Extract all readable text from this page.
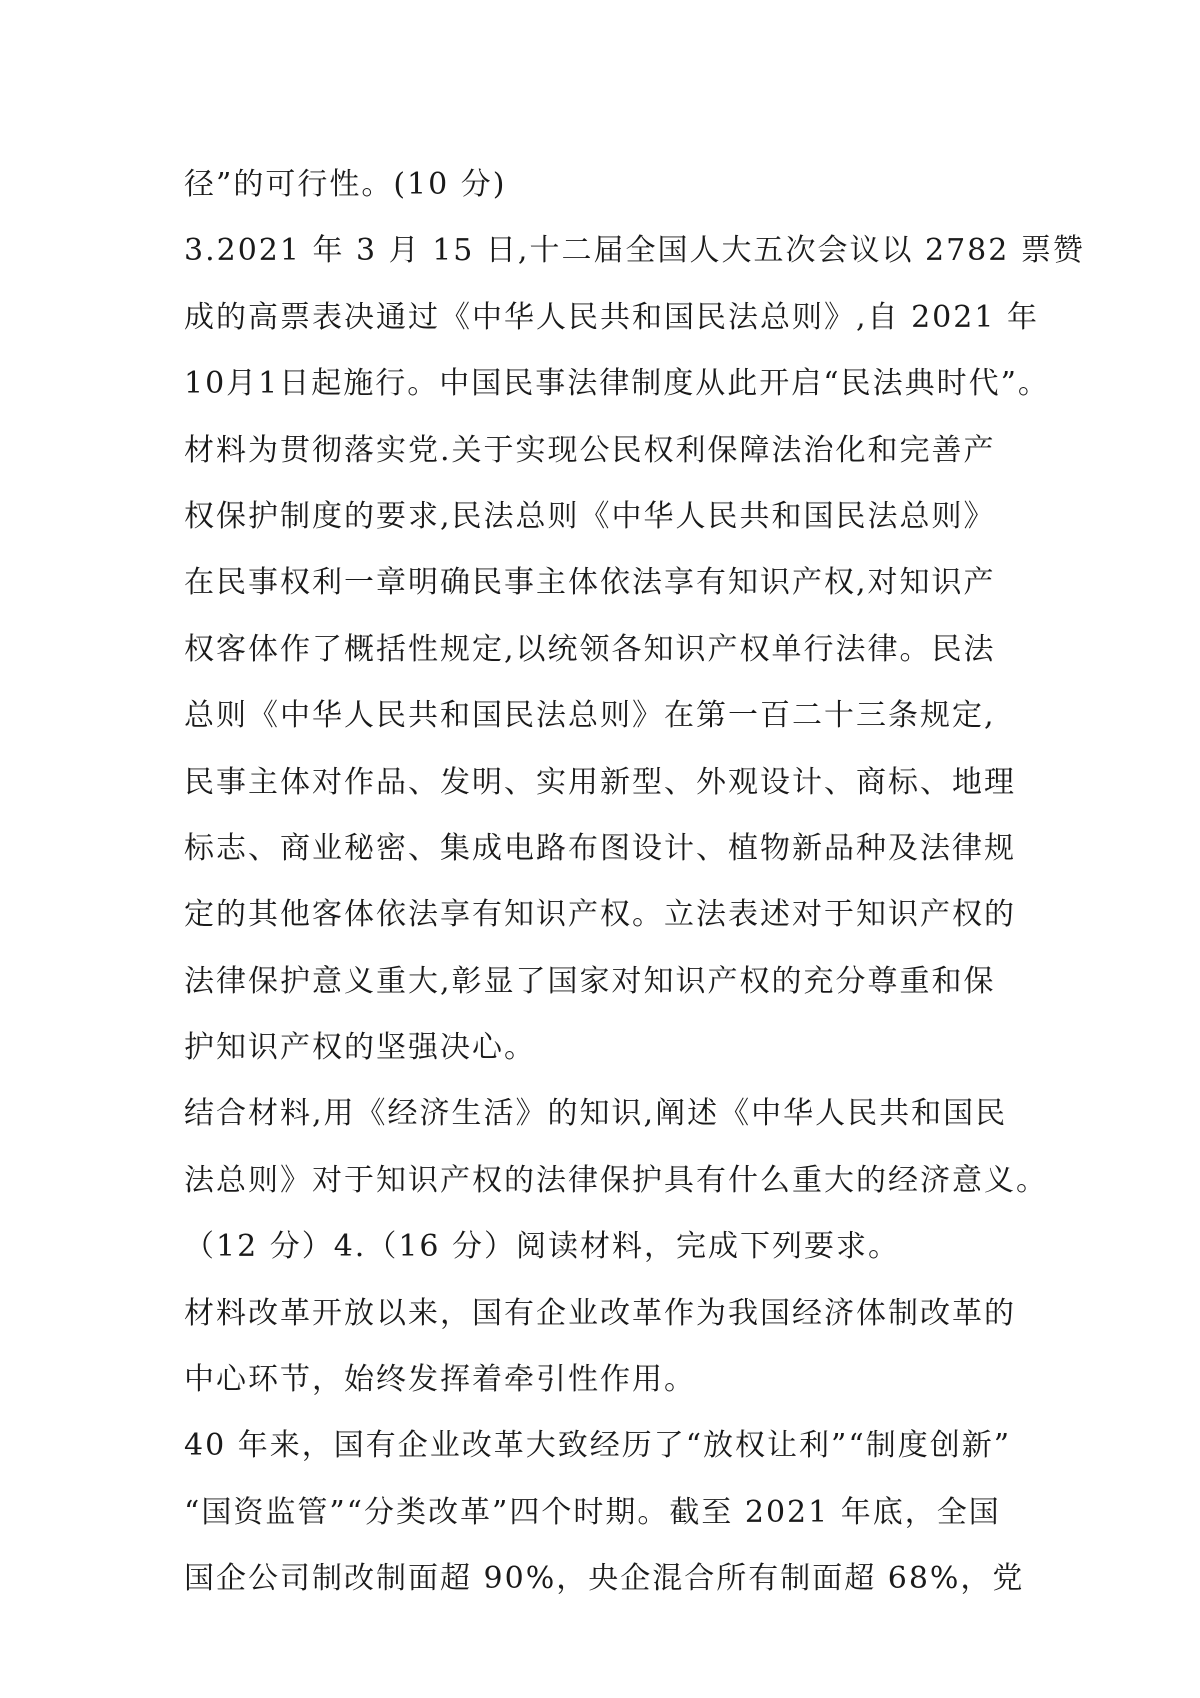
径”的可行性。(10 分)
3.2021 年 3 月 15 日,十二届全国人大五次会议以 2782 票赞
成的高票表决通过《中华人民共和国民法总则》,自 2021 年
10月1日起施行。中国民事法律制度从此开启“民法典时代”。
材料为贯彻落实党.关于实现公民权利保障法治化和完善产
权保护制度的要求,民法总则《中华人民共和国民法总则》
在民事权利一章明确民事主体依法享有知识产权,对知识产
权客体作了概括性规定,以统领各知识产权单行法律。民法
总则《中华人民共和国民法总则》在第一百二十三条规定,
民事主体对作品、发明、实用新型、外观设计、商标、地理
标志、商业秘密、集成电路布图设计、植物新品种及法律规
定的其他客体依法享有知识产权。立法表述对于知识产权的
法律保护意义重大,彰显了国家对知识产权的充分尊重和保
护知识产权的坚强决心。
结合材料,用《经济生活》的知识,阐述《中华人民共和国民
法总则》对于知识产权的法律保护具有什么重大的经济意义。
（12 分）4.（16 分）阅读材料，完成下列要求。
材料改革开放以来，国有企业改革作为我国经济体制改革的
中心环节，始终发挥着牵引性作用。
40 年来，国有企业改革大致经历了“放权让利”“制度创新”
“国资监管”“分类改革”四个时期。截至 2021 年底，全国
国企公司制改制面超 90%，央企混合所有制面超 68%，党
